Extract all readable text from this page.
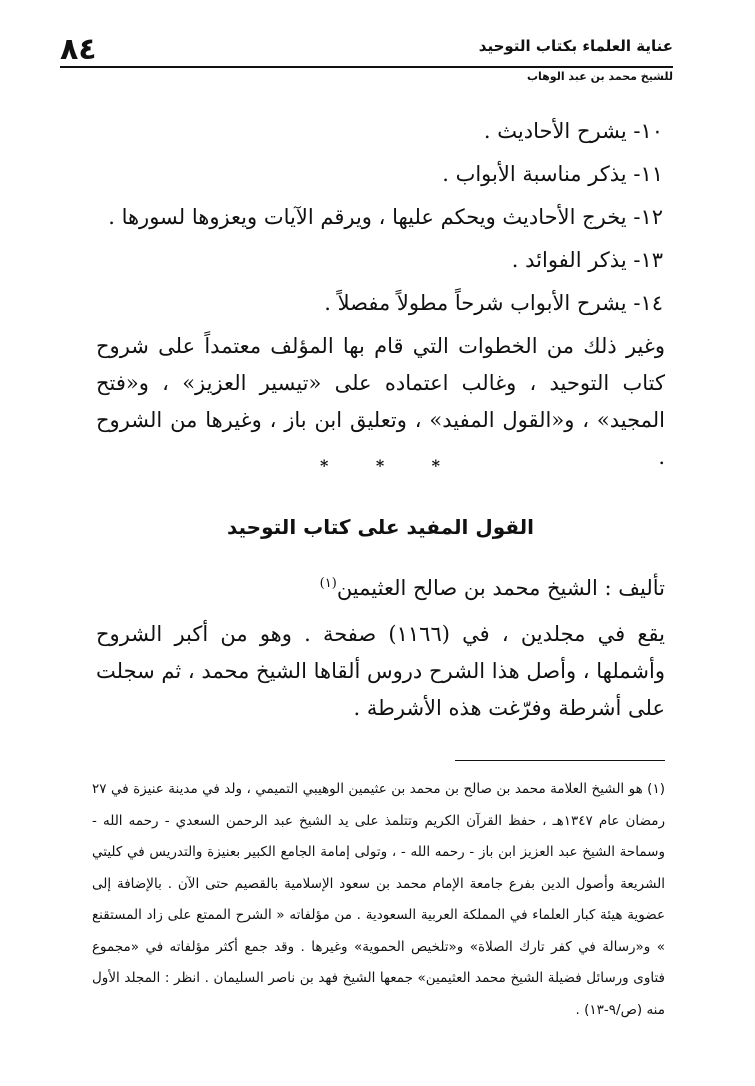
٨٤	عناية العلماء بكتاب التوحيد
للشيخ محمد بن عبد الوهاب
١٠- يشرح الأحاديث .
١١- يذكر مناسبة الأبواب .
١٢- يخرج الأحاديث ويحكم عليها ، ويرقم الآيات ويعزوها لسورها .
١٣- يذكر الفوائد .
١٤- يشرح الأبواب شرحاً مطولاً مفصلاً .

وغير ذلك من الخطوات التي قام بها المؤلف معتمداً على شروح كتاب التوحيد ، وغالب اعتماده على «تيسير العزيز» ، و«فتح المجيد» ، و«القول المفيد» ، وتعليق ابن باز ، وغيرها من الشروح .

*
*
*
القول المفيد على كتاب التوحيد
تأليف : الشيخ محمد بن صالح العثيمين$^{(١)}$

يقع في مجلدين ، في (١١٦٦) صفحة . وهو من أكبر الشروح وأشملها ، وأصل هذا الشرح دروس ألقاها الشيخ محمد ، ثم سجلت على أشرطة وفرّغت هذه الأشرطة .

(١) هو الشيخ العلامة محمد بن صالح بن محمد بن عثيمين الوهيبي التميمي ، ولد في مدينة عنيزة في ٢٧ رمضان عام ١٣٤٧هـ ، حفظ القرآن الكريم وتتلمذ على يد الشيخ عبد الرحمن السعدي - رحمه الله - وسماحة الشيخ عبد العزيز ابن باز - رحمه الله - ، وتولى إمامة الجامع الكبير بعنيزة والتدريس في كليتي الشريعة وأصول الدين بفرع جامعة الإمام محمد بن سعود الإسلامية بالقصيم حتى الآن . بالإضافة إلى عضوية هيئة كبار العلماء في المملكة العربية السعودية . من مؤلفاته « الشرح الممتع على زاد المستقنع » و«رسالة في كفر تارك الصلاة» و«تلخيص الحموية» وغيرها . وقد جمع أكثر مؤلفاته في «مجموع فتاوى ورسائل فضيلة الشيخ محمد العثيمين» جمعها الشيخ فهد بن ناصر السليمان . انظر : المجلد الأول منه (ص/٩-١٣) .
